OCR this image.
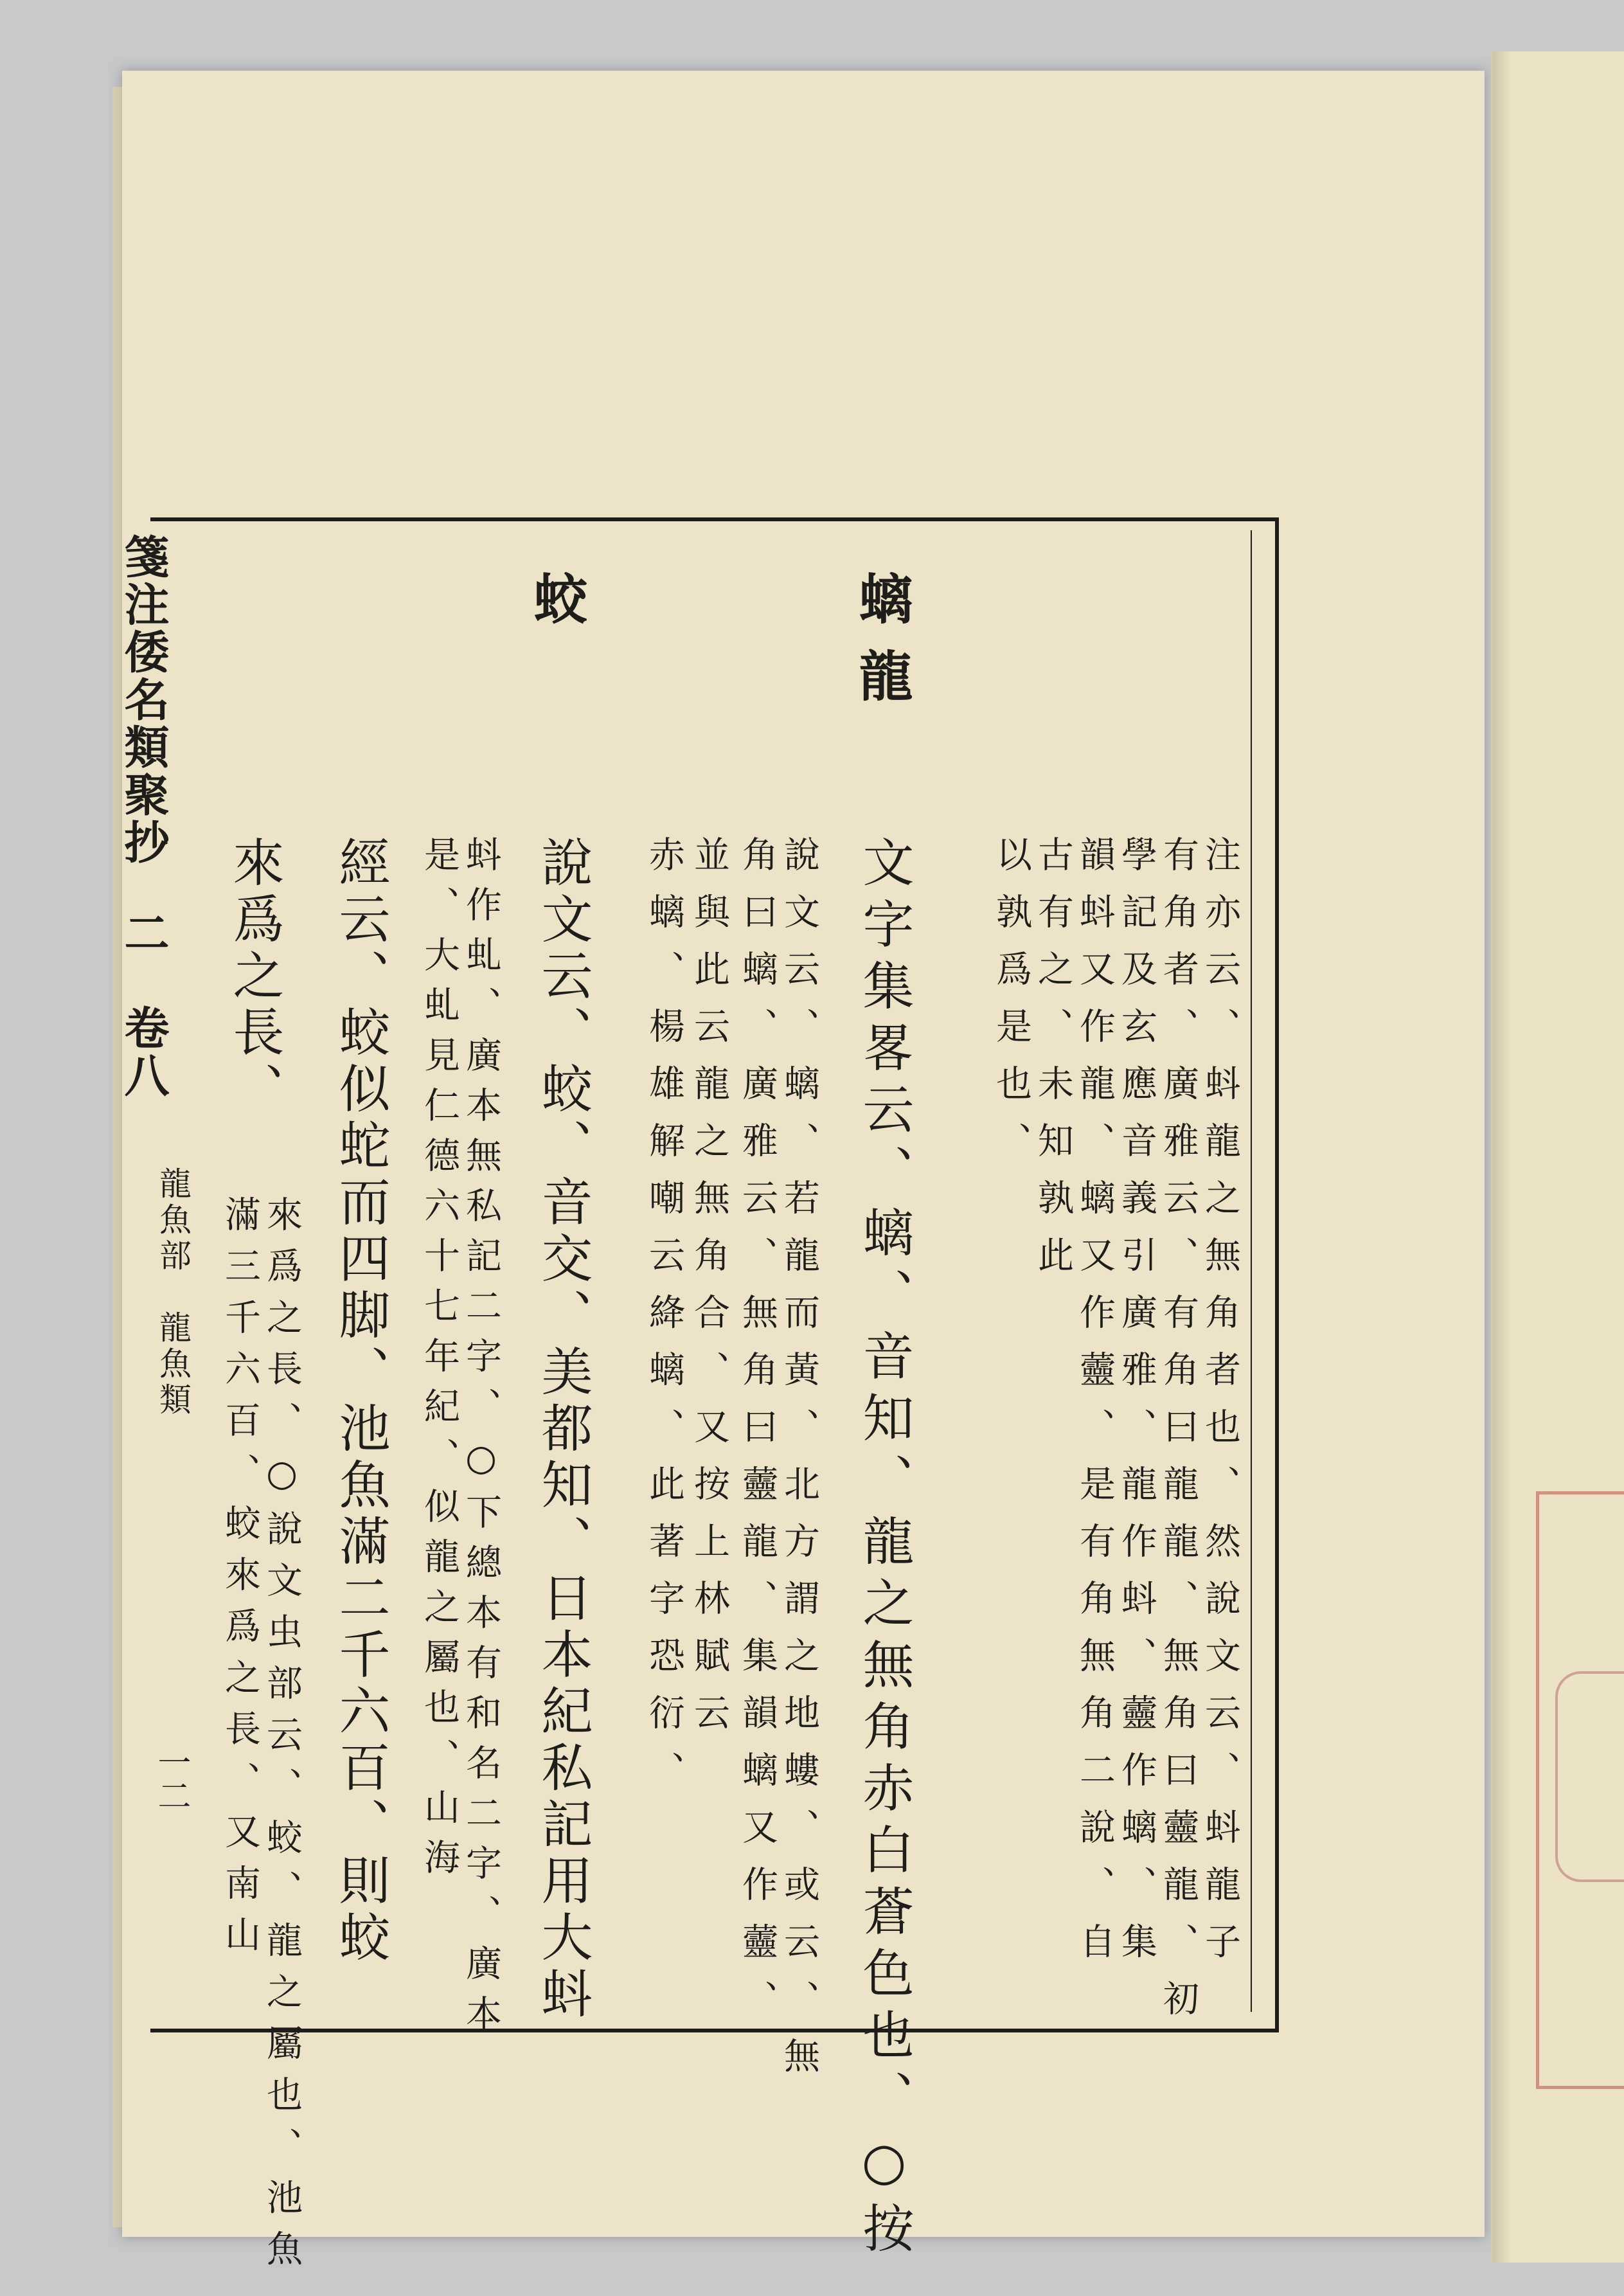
箋注倭名類聚抄
二　卷八
龍魚部　龍魚類
一二
螭龍
蛟
注亦云、蚪龍之無角者也、然說文云、蚪龍子
有角者、廣雅云、有角曰龍龍、無角曰䖅龍、初
學記及玄應音義引廣雅、龍作蚪、䖅作螭、集
韻蚪又作龍、螭又作䖅、是有角無角二說、自
古有之、未知孰此
以孰爲是也、
文字集畧云、螭、音知、龍之無角赤白蒼色也、○按
說文云、螭、若龍而黃、北方謂之地螻、或云、無
角曰螭、廣雅云、無角曰䖅龍、集韻螭又作䖅、
並與此云龍之無角合、又按上林賦云
赤螭、楊雄解嘲云絳螭、此著字恐衍、
說文云、蛟、音交、美都知、日本紀私記用大蚪
蚪作虬、廣本無私記二字、○下總本有和名二字、廣本
是、大虬見仁德六十七年紀、似龍之屬也、山海
經云、蛟似蛇而四脚、池魚滿二千六百、則蛟
來爲之長、
來爲之長、○說文虫部云、蛟、龍之屬也、池魚
滿三千六百、蛟來爲之長、又南山
